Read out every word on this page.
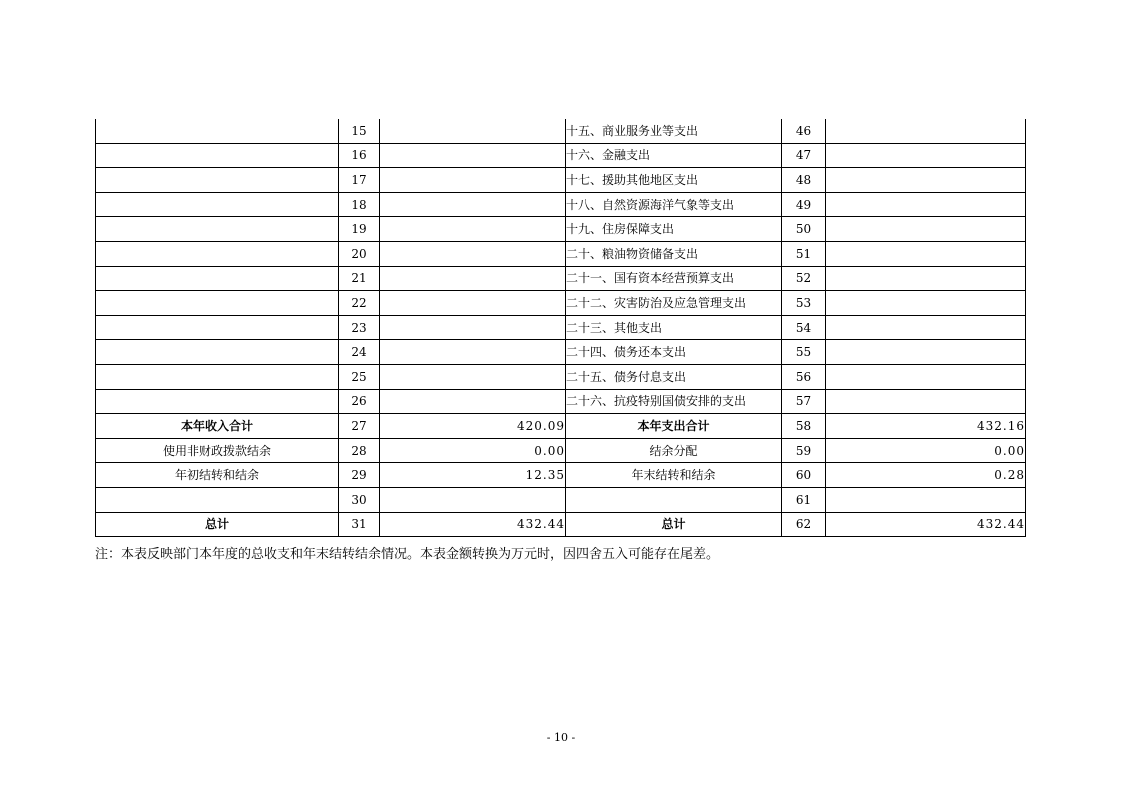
	15		十五、商业服务业等支出	46	
	16		十六、金融支出	47	
	17		十七、援助其他地区支出	48	
	18		十八、自然资源海洋气象等支出	49	
	19		十九、住房保障支出	50	
	20		二十、粮油物资储备支出	51	
	21		二十一、国有资本经营预算支出	52	
	22		二十二、灾害防治及应急管理支出	53	
	23		二十三、其他支出	54	
	24		二十四、债务还本支出	55	
	25		二十五、债务付息支出	56	
	26		二十六、抗疫特别国债安排的支出	57	
本年收入合计	27	420.09	本年支出合计	58	432.16
使用非财政拨款结余	28	0.00	结余分配	59	0.00
年初结转和结余	29	12.35	年末结转和结余	60	0.28
	30			61	
总计	31	432.44	总计	62	432.44
注：本表反映部门本年度的总收支和年末结转结余情况。本表金额转换为万元时，因四舍五入可能存在尾差。
- 10 -
